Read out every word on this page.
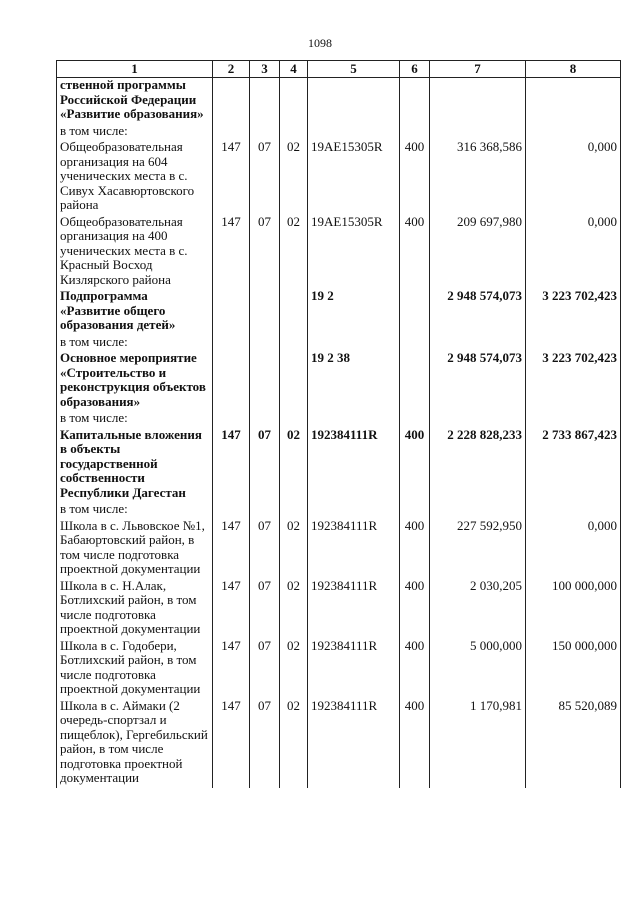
1098
1	2	3	4	5	6	7	8
ственной программы Российской Федерации «Развитие образования»							

в том числе:							

Общеобразовательная организация на 604 ученических места в с. Сивух Хасавюртовского района	147	07	02	19АЕ15305R	400	316 368,586	0,000

Общеобразовательная организация на 400 ученических места в с. Красный Восход Кизлярского района	147	07	02	19АЕ15305R	400	209 697,980	0,000

Подпрограмма «Развитие общего образования детей»				19 2		2 948 574,073	3 223 702,423

в том числе:							

Основное мероприятие «Строительство и реконструкция объектов образования»				19 2 38		2 948 574,073	3 223 702,423

в том числе:							

Капитальные вложения в объекты государственной собственности Республики Дагестан	147	07	02	192384111R	400	2 228 828,233	2 733 867,423

в том числе:							

Школа в с. Львовское №1, Бабаюртовский район, в том числе подготовка проектной документации	147	07	02	192384111R	400	227 592,950	0,000

Школа в с. Н.Алак, Ботлихский район, в том числе подготовка проектной документации	147	07	02	192384111R	400	2 030,205	100 000,000

Школа в с. Годобери, Ботлихский район, в том числе подготовка проектной документации	147	07	02	192384111R	400	5 000,000	150 000,000

Школа в с. Аймаки (2 очередь-спортзал и пищеблок), Гергебильский район, в том числе подготовка проектной документации	147	07	02	192384111R	400	1 170,981	85 520,089
